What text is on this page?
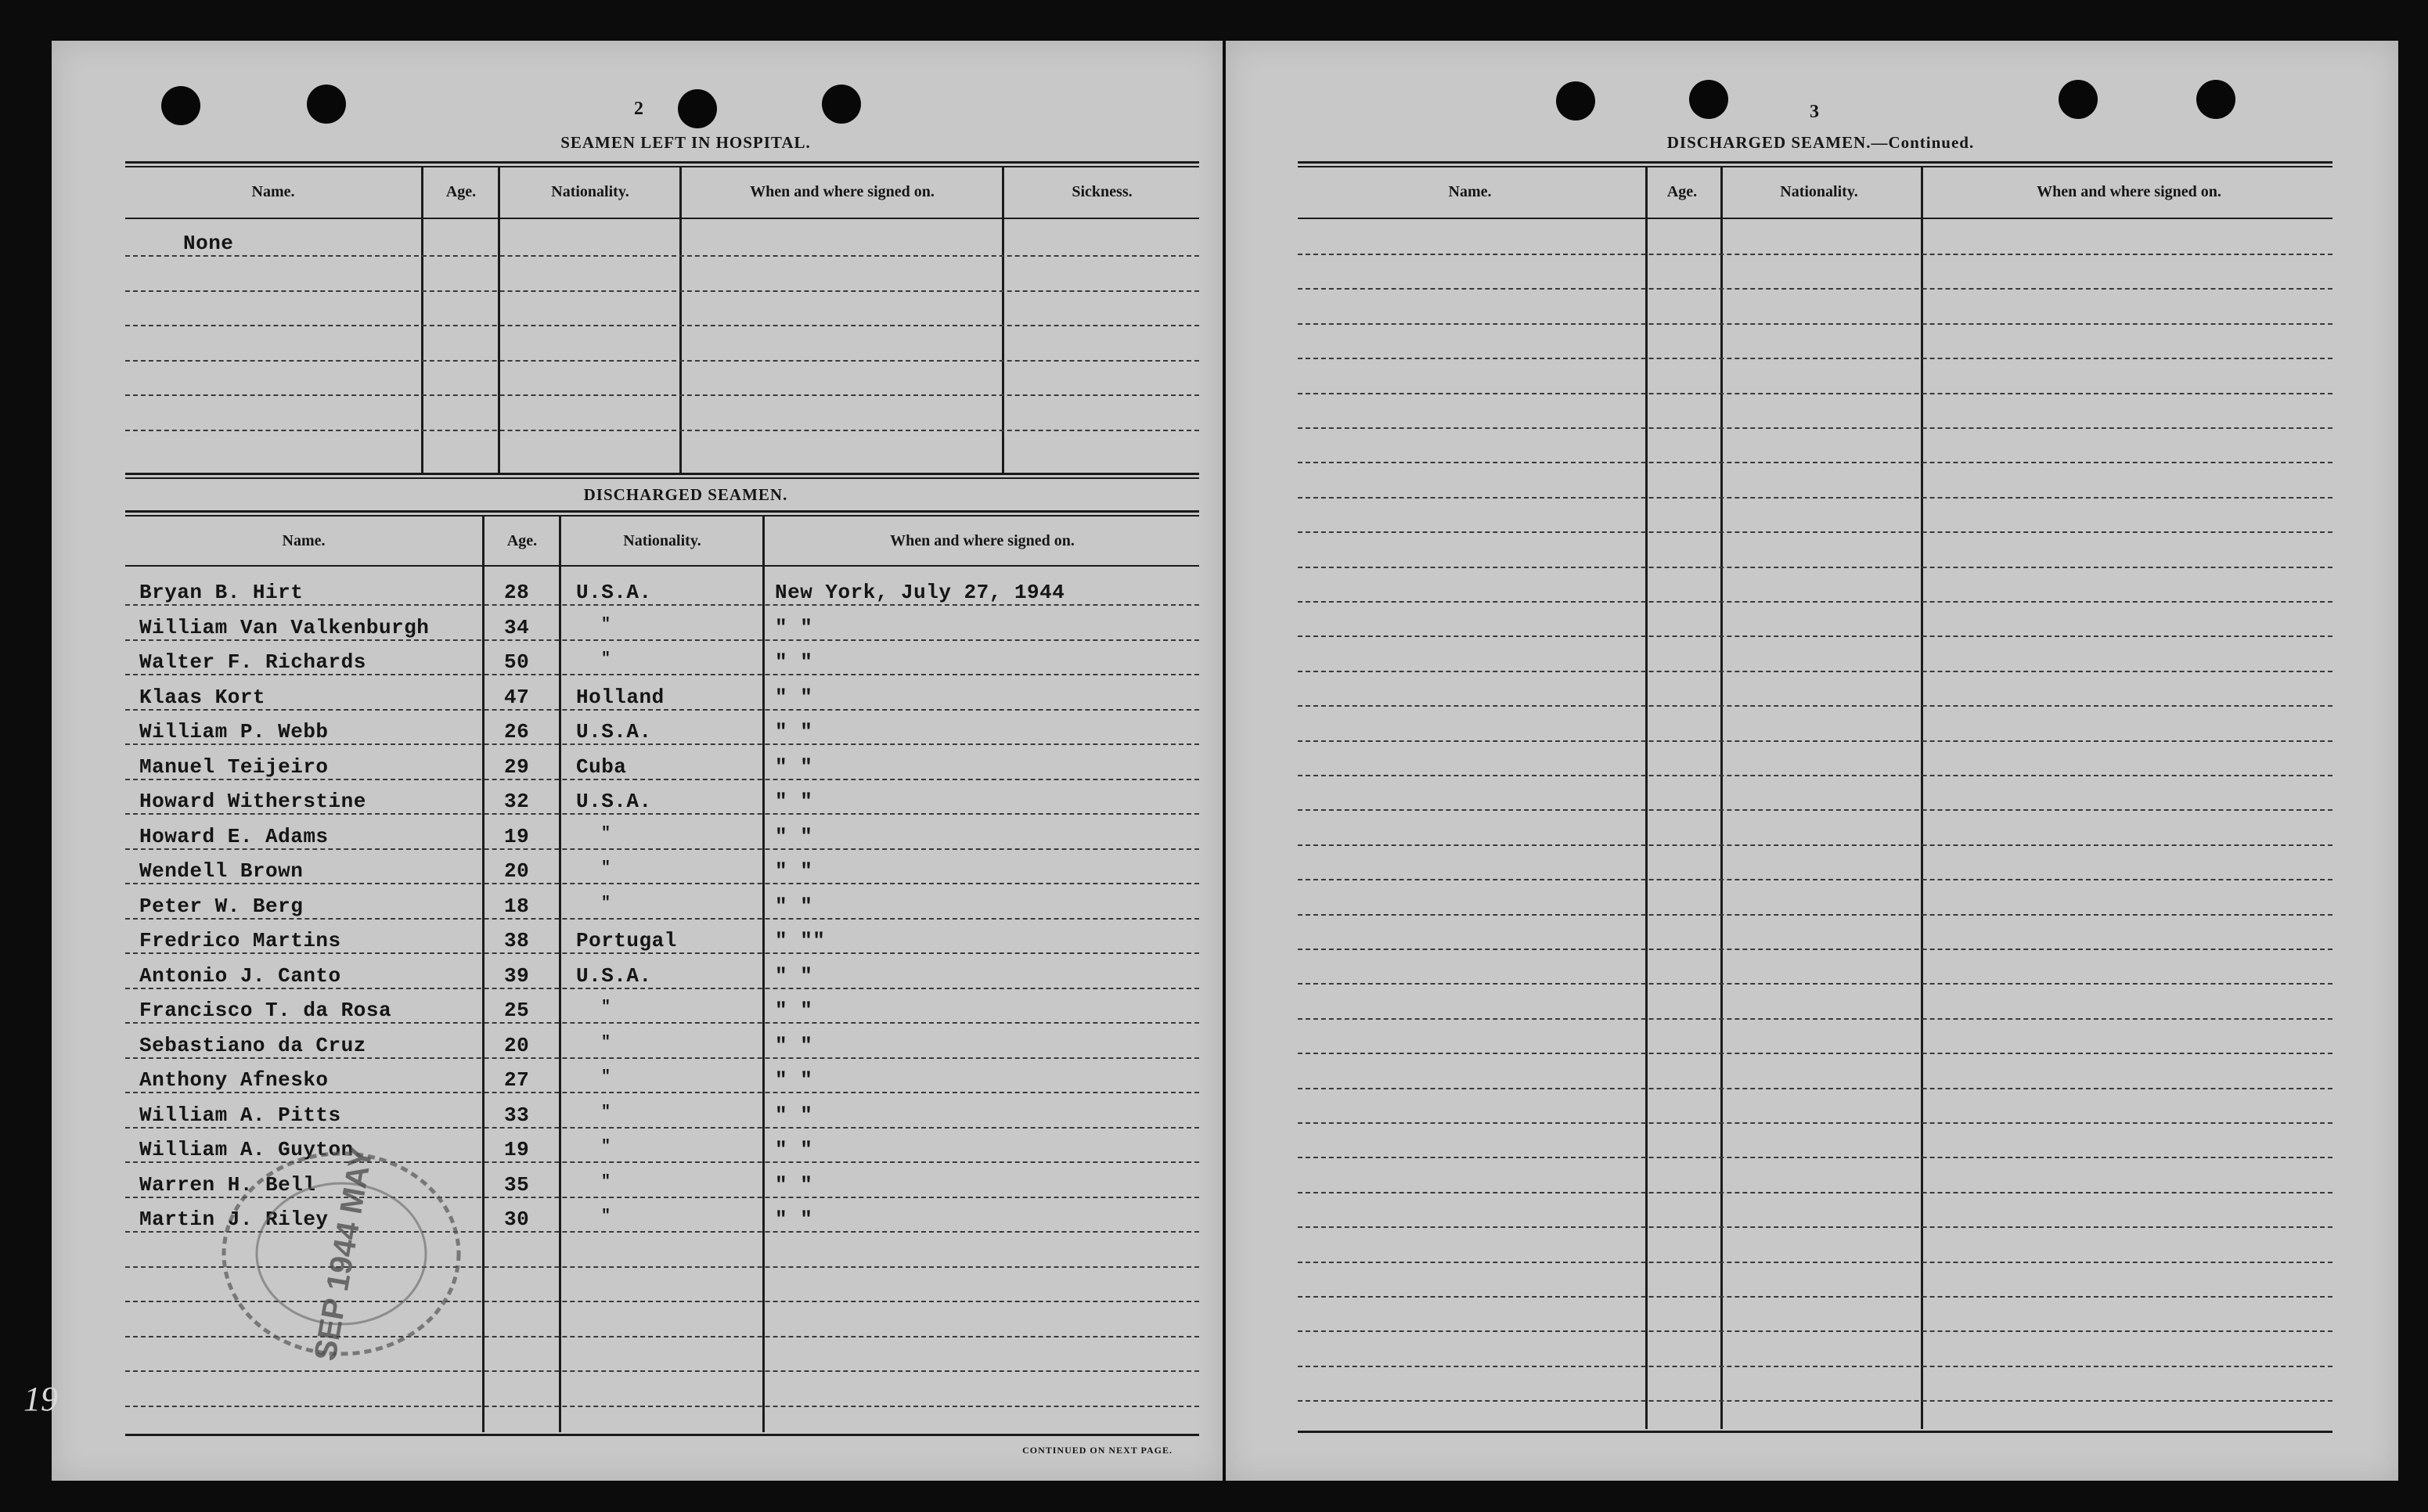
2
SEAMEN LEFT IN HOSPITAL.
Name.	Age.	Nationality.	When and where signed on.	Sickness.
None
DISCHARGED SEAMEN.
Name.	Age.	Nationality.	When and where signed on.
Bryan B. Hirt	28 U.S.A.	New York, July 27, 1944
William Van Valkenburgh	34	"	" "
Walter F. Richards	50	"	" "
Klaas Kort	47 Holland	" "
William P. Webb	26 U.S.A.	" "
Manuel Teijeiro	29 Cuba	" "
Howard Witherstine	32 U.S.A.	" "
Howard E. Adams	19	"	" "
Wendell Brown	20	"	" "
Peter W. Berg	18	"	" "
Fredrico Martins	38 Portugal	" ""
Antonio J. Canto	39 U.S.A.	" "
Francisco T. da Rosa	25	"	" "
Sebastiano da Cruz	20	"	" "
Anthony Afnesko	27	"	" "
William A. Pitts	33	"	" "
William A. Guyton	19	"	" "
Warren H. Bell	35	"	" "
Martin J. Riley	30	"	" "
CONTINUED ON NEXT PAGE.
SEP 1944 MAY
19
3
DISCHARGED SEAMEN.—Continued.
Name.	Age.	Nationality.	When and where signed on.
